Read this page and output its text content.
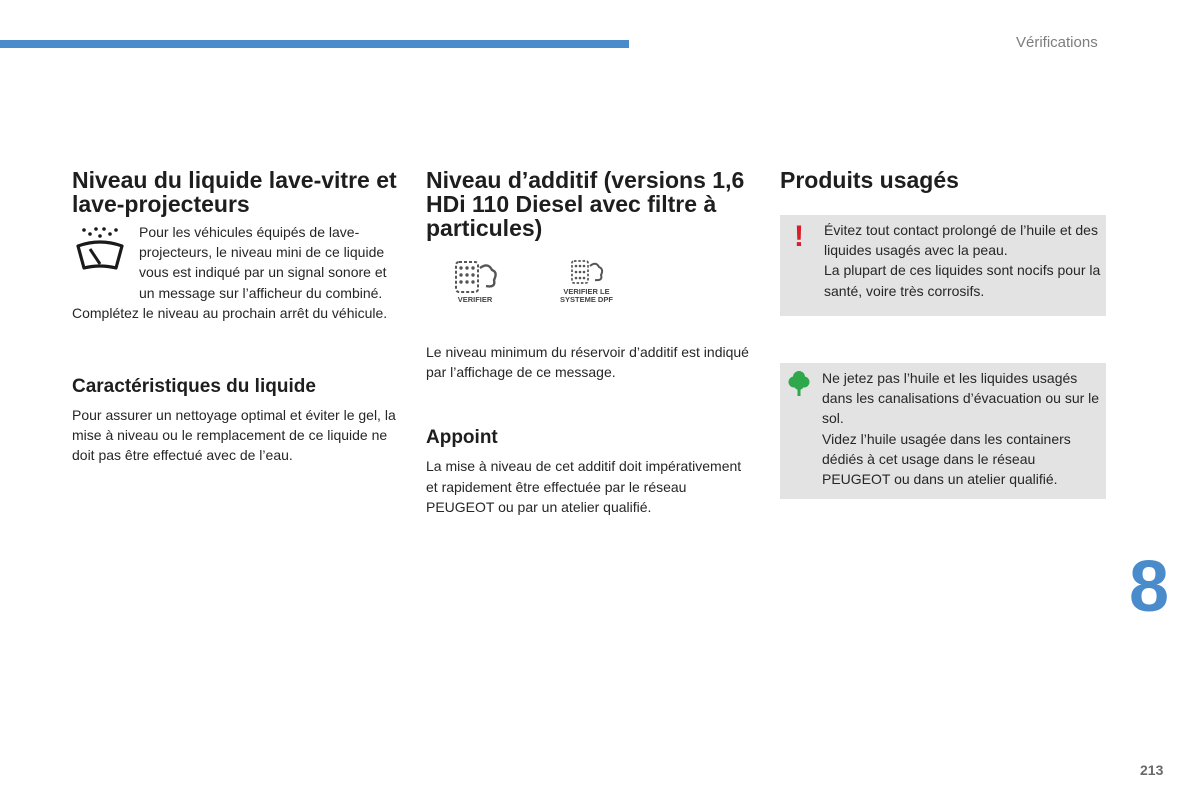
Vérifications
Niveau du liquide lave-vitre et lave-projecteurs

Pour les véhicules équipés de lave-projecteurs, le niveau mini de ce liquide vous est indiqué par un signal sonore et un message sur l’afficheur du combiné.

Complétez le niveau au prochain arrêt du véhicule.

Caractéristiques du liquide

Pour assurer un nettoyage optimal et éviter le gel, la mise à niveau ou le remplacement de ce liquide ne doit pas être effectué avec de l’eau.

Niveau d’additif (versions 1,6 HDi 110 Diesel avec filtre à particules)
VERIFIER
VERIFIER LE
SYSTEME DPF

Le niveau minimum du réservoir d’additif est indiqué par l’affichage de ce message.

Appoint

La mise à niveau de cet additif doit impérativement et rapidement être effectuée par le réseau PEUGEOT ou par un atelier qualifié.

Produits usagés
! Évitez tout contact prolongé de l’huile et des liquides usagés avec la peau.
La plupart de ces liquides sont nocifs pour la santé, voire très corrosifs.

Ne jetez pas l’huile et les liquides usagés dans les canalisations d’évacuation ou sur le sol.
Videz l’huile usagée dans les containers dédiés à cet usage dans le réseau PEUGEOT ou dans un atelier qualifié.

8
213
